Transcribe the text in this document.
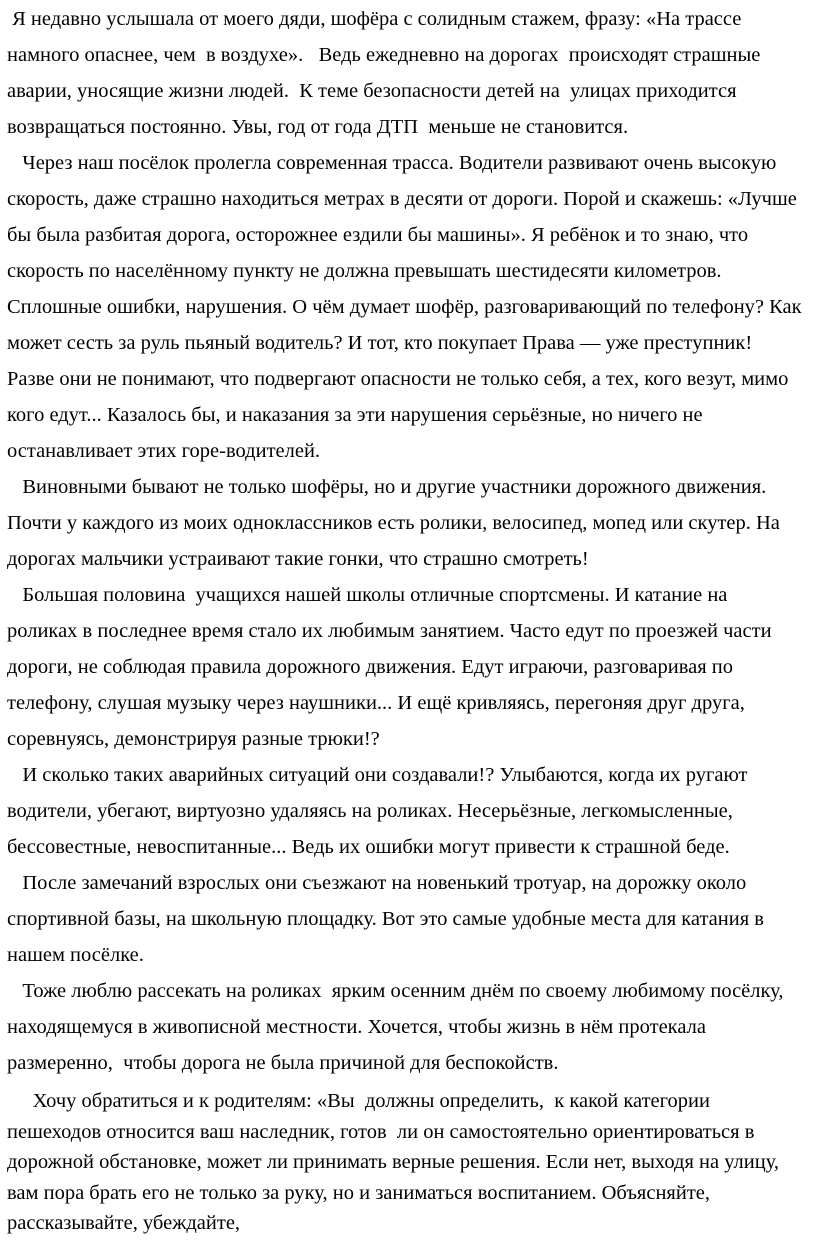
Я недавно услышала от моего дяди, шофёра с солидным стажем, фразу: «На трассе

намного опаснее, чем  в воздухе».   Ведь ежедневно на дорогах  происходят страшные

аварии, уносящие жизни людей.  К теме безопасности детей на  улицах приходится

возвращаться постоянно. Увы, год от года ДТП  меньше не становится.

Через наш посёлок пролегла современная трасса. Водители развивают очень высокую

скорость, даже страшно находиться метрах в десяти от дороги. Порой и скажешь: «Лучше

бы была разбитая дорога, осторожнее ездили бы машины». Я ребёнок и то знаю, что

скорость по населённому пункту не должна превышать шестидесяти километров.

Сплошные ошибки, нарушения. О чём думает шофёр, разговаривающий по телефону? Как

может сесть за руль пьяный водитель? И тот, кто покупает Права — уже преступник!

Разве они не понимают, что подвергают опасности не только себя, а тех, кого везут, мимо

кого едут... Казалось бы, и наказания за эти нарушения серьёзные, но ничего не

останавливает этих горе-водителей.

Виновными бывают не только шофёры, но и другие участники дорожного движения.

Почти у каждого из моих одноклассников есть ролики, велосипед, мопед или скутер. На

дорогах мальчики устраивают такие гонки, что страшно смотреть!

Большая половина  учащихся нашей школы отличные спортсмены. И катание на

роликах в последнее время стало их любимым занятием. Часто едут по проезжей части

дороги, не соблюдая правила дорожного движения. Едут играючи, разговаривая по

телефону, слушая музыку через наушники... И ещё кривляясь, перегоняя друг друга,

соревнуясь, демонстрируя разные трюки!?

И сколько таких аварийных ситуаций они создавали!? Улыбаются, когда их ругают

водители, убегают, виртуозно удаляясь на роликах. Несерьёзные, легкомысленные,

бессовестные, невоспитанные... Ведь их ошибки могут привести к страшной беде.

После замечаний взрослых они съезжают на новенький тротуар, на дорожку около

спортивной базы, на школьную площадку. Вот это самые удобные места для катания в

нашем посёлке.

Тоже люблю рассекать на роликах  ярким осенним днём по своему любимому посёлку,

находящемуся в живописной местности. Хочется, чтобы жизнь в нём протекала

размеренно,  чтобы дорога не была причиной для беспокойств.

Хочу обратиться и к родителям: «Вы  должны определить,  к какой категории

пешеходов относится ваш наследник, готов  ли он самостоятельно ориентироваться в

дорожной обстановке, может ли принимать верные решения. Если нет, выходя на улицу,

вам пора брать его не только за руку, но и заниматься воспитанием. Объясняйте,

рассказывайте, убеждайте,
